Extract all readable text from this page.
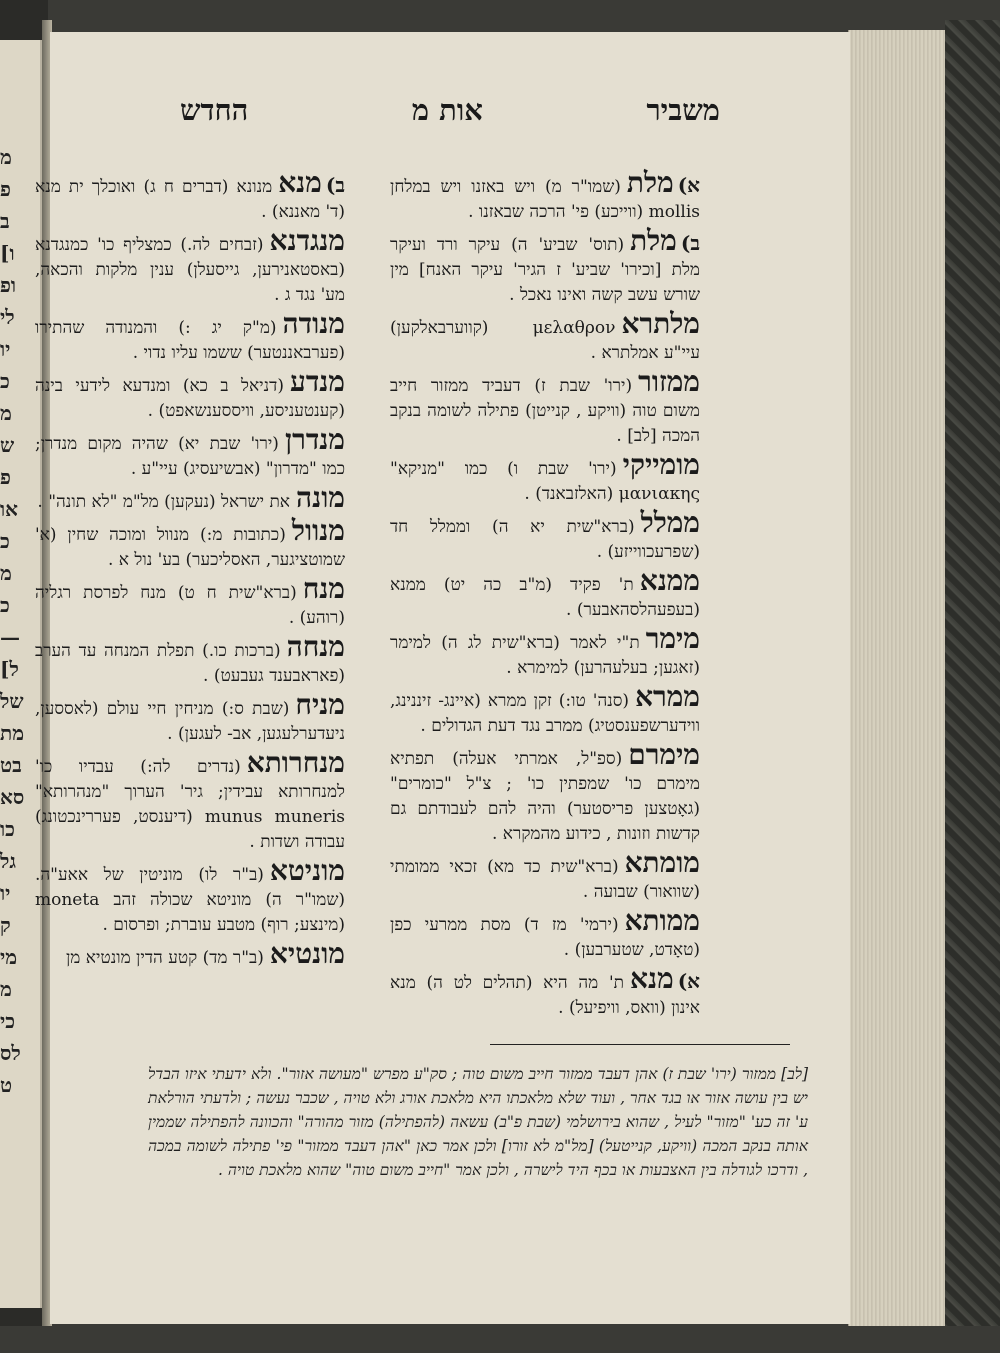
מ
פ
ב
[ו
ופ
לי
יו
כ
מ
ש
פ
או
כ
מ
כ
—
[ל
של
מת
בט
סא
כו
גל
יו
ק
מי
מ
כי
לס
ט
משביר
אות מ
החדש
א)מלת(שמו"ר מ) ויש באזנו ויש במלחן mollis (ווייכע) פי' הרכה שבאזנו .
ב)מלת(תוס' שביע' ה) עיקר ורד ועיקר מלת [וכירו' שביע' ז הגיר' עיקר האנח] מין שורש עשב קשה ואינו נאכל .
מלתראμελαθρον (קווערבאלקען) עיי"ע אמלתרא .
ממזור(ירו' שבת ז) דעביד ממזור חייב משום טוה (וויקע , קנייטן) פתילה לשומה בנקב המכה [לב] .
מומייקי(ירו' שבת ו) כמו "מניקא" μανιακης (האלזבאנד) .
ממלל(ברא"שית יא ה) וממלל חד (שפרעכווייזע) .
ממנאת' פקיד (מ"ב כה יט) ממנא (בעפעהלסהאבער) .
מימרת"י לאמר (ברא"שית לג ה) למימר (זאגען; בעלעהרען) למימרא .
ממרא(סנה' טו:) זקן ממרא (איינג- זיננינג, ווידערשפענסטיג) ממרב נגד דעת הגדולים .
מימרם(ספ"ל, אמרתי אעלה) תפתיא מימרם כו' שמפתין כו' ; צ"ל "כומרים" (גאָטצען פריסטער) והיה להם לעבודתם גם קדשות וזונות , כידוע מהמקרא .
מומתא(ברא"שית כד מא) זכאי ממומתי (שוואור) שבועה .
ממותא(ירמי' מז ד) מסת ממרעי כפן (טאָדט, שטערבען) .
א)מנאת' מה היא (תהלים לט ה) מנא אינון (וואס, וויפיעל) .
ב)מנאמנונא (דברים ח ג) ואוכלך ית מנא (ד' מאננא) .
מנגדנא(זבחים לה.) כמצליף כו' כמנגדנא (באסטאנירען, גייסעלן) ענין מלקות והכאה, מע' נגד ג .
מנודה(מ"ק יג :) והמנודה שהתירו (פערבאננטער) ששמו עליו נדוי .
מנדע(דניאל ב כא) ומנדעא לידעי בינה (קענטעניסע, וויססענשאפט) .
מנדרן(ירו' שבת יא) שהיה מקום מנדרן; כמו "מדרון" (אבשיעסיג) עיי"ע .
מונהאת ישראל (נעקען) מל"מ "לא תונה" .
מנוול(כתובות מ:) מנוול ומוכה שחין (א' שמוטציגער, האסליכער) בע' נול א .
מנח(ברא"שית ח ט) מנח לפרסת רגליה (רוהע) .
מנחה(ברכות כו.) תפלת המנחה עד הערב (פאראבענד געבעט) .
מניח(שבת ס:) מניחין חיי עולם (לאססען, ניעדערלעגען, אב- לעגען) .
מנחרותא(נדרים לה:) עבדיו כו' למנחרותא עבידין; גיר' הערוך "מנהרותא" munus muneris (דיענסט, פעררינכטונג) עבודה ושדות .
מוניטא(ב"ר לו) מוניטין של אאע"ה. (שמו"ר ה) מוניטא שכולה זהב moneta (מינצע; רוף) מטבע עוברת; ופרסום .
מונטיא(ב"ר מד) קטע הדין מונטיא מן
[לב] ממזור (ירו' שבת ז) אהן דעבד ממזור חייב משום טוה ; סק"ע מפרש "מעושה אזור". ולא ידעתי איזו הבדל יש בין עושה אזור או בגד אחר , ועוד שלא מלאכתו היא מלאכת אורג ולא טויה , שכבר נעשה ; ולדעתי הורלאת ע' זה כע' "מזור" לעיל , שהוא בירושלמי (שבת פ"ב) עשאה (להפתילה) מזור מהורה" והכוונה להפתילה שממין אותה בנקב המכה (וויקע, קנייטעל) [מל"מ לא זורו] ולכן אמר כאן "אהן דעבד ממזור" פי' פתילה לשומה במכה , ודרכו לגודלה בין האצבעות או בכף היד לישרה , ולכן אמר "חייב משום טוה" שהוא מלאכת טויה .
